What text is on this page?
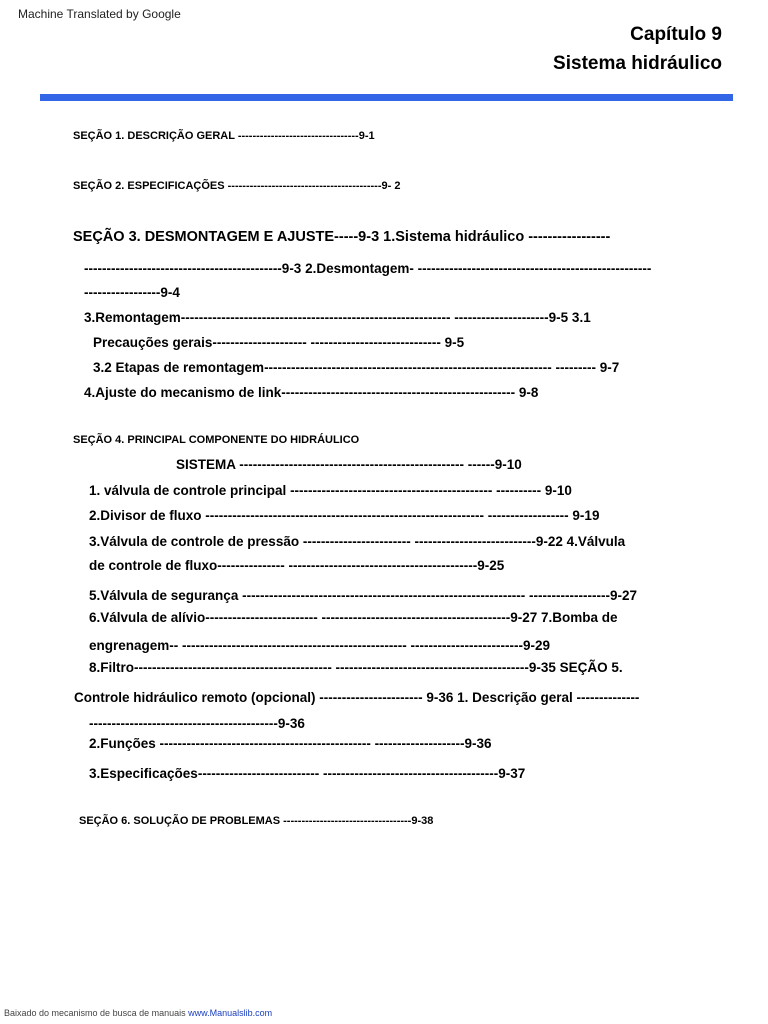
Machine Translated by Google
Capítulo 9
Sistema hidráulico
SEÇÃO 1. DESCRIÇÃO GERAL ---------------------------------9-1
SEÇÃO 2. ESPECIFICAÇÕES ------------------------------------------9- 2
SEÇÃO 3. DESMONTAGEM E AJUSTE-----9-3 1.Sistema hidráulico -----------------
--------------------------------------------9-3 2.Desmontagem- ----------------------------------------------------
-----------------9-4
3.Remontagem------------------------------------------------------------ ---------------------9-5 3.1
Precauções gerais--------------------- ----------------------------- 9-5
3.2 Etapas de remontagem---------------------------------------------------------------- --------- 9-7
4.Ajuste do mecanismo de link---------------------------------------------------- 9-8
SEÇÃO 4. PRINCIPAL COMPONENTE DO HIDRÁULICO
SISTEMA -------------------------------------------------- ------9-10
1. válvula de controle principal --------------------------------------------- ---------- 9-10
2.Divisor de fluxo -------------------------------------------------------------- ------------------ 9-19
3.Válvula de controle de pressão ------------------------ ---------------------------9-22 4.Válvula
de controle de fluxo--------------- ------------------------------------------9-25
5.Válvula de segurança --------------------------------------------------------------- ------------------9-27
6.Válvula de alívio------------------------- ------------------------------------------9-27 7.Bomba de
engrenagem-- -------------------------------------------------- -------------------------9-29
8.Filtro-------------------------------------------- -------------------------------------------9-35 SEÇÃO 5.
Controle hidráulico remoto (opcional) ----------------------- 9-36 1. Descrição geral --------------
------------------------------------------9-36
2.Funções ----------------------------------------------- --------------------9-36
3.Especificações--------------------------- ---------------------------------------9-37
SEÇÃO 6. SOLUÇÃO DE PROBLEMAS -----------------------------------9-38
Baixado do mecanismo de busca de manuais www.Manualslib.com
